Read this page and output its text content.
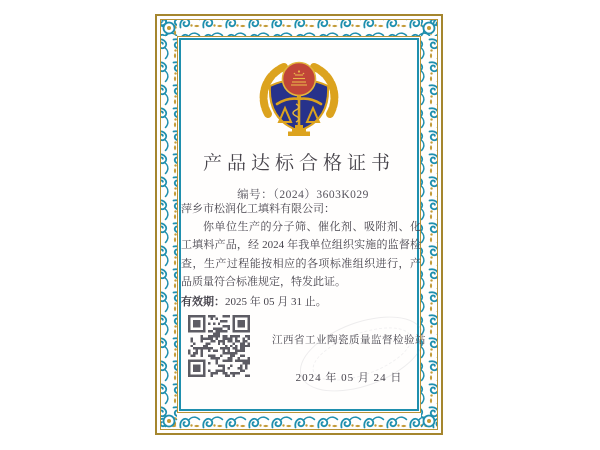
产品达标合格证书
编号：（2024）3603K029

萍乡市松润化工填料有限公司：

你单位生产的分子筛、催化剂、吸附剂、化工填料产品，经 2024 年我单位组织实施的监督检查，生产过程能按相应的各项标准组织进行，产品质量符合标准规定，特发此证。

有效期：2025 年 05 月 31 止。

江西省工业陶瓷质量监督检验站
2024 年 05 月 24 日
